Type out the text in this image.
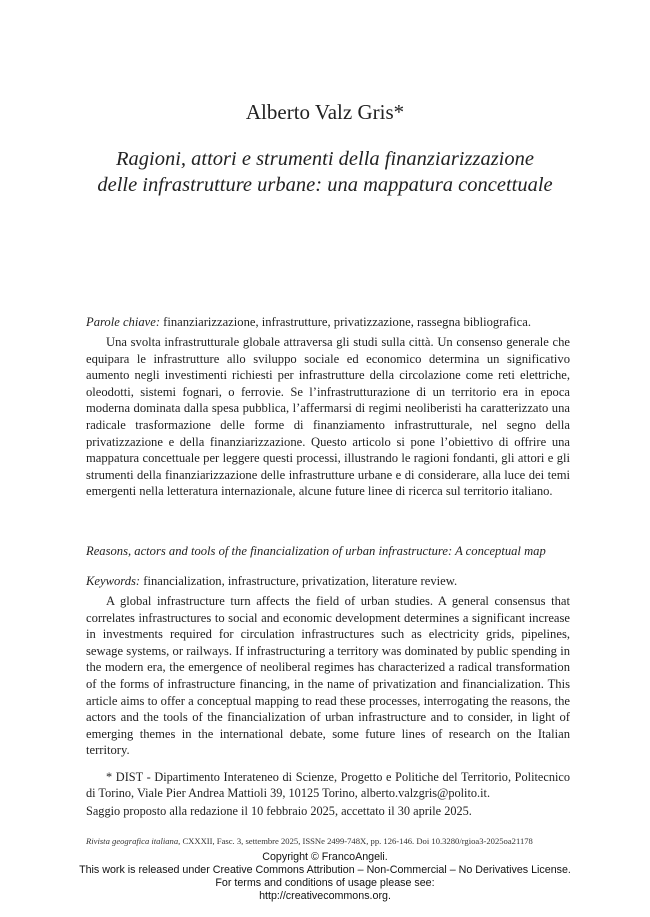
Alberto Valz Gris*
Ragioni, attori e strumenti della finanziarizzazione
delle infrastrutture urbane: una mappatura concettuale
Parole chiave: finanziarizzazione, infrastrutture, privatizzazione, rassegna bibliografica.
Una svolta infrastrutturale globale attraversa gli studi sulla città. Un consenso generale che equipara le infrastrutture allo sviluppo sociale ed economico determina un significativo aumento negli investimenti richiesti per infrastrutture della circolazione come reti elettriche, oleodotti, sistemi fognari, o ferrovie. Se l’infrastrutturazione di un territorio era in epoca moderna dominata dalla spesa pubblica, l’affermarsi di regimi neoliberisti ha caratterizzato una radicale trasformazione delle forme di finanziamento infrastrutturale, nel segno della privatizzazione e della finanziarizzazione. Questo articolo si pone l’obiettivo di offrire una mappatura concettuale per leggere questi processi, illustrando le ragioni fondanti, gli attori e gli strumenti della finanziarizzazione delle infrastrutture urbane e di considerare, alla luce dei temi emergenti nella letteratura internazionale, alcune future linee di ricerca sul territorio italiano.
Reasons, actors and tools of the financialization of urban infrastructure: A conceptual map
Keywords: financialization, infrastructure, privatization, literature review.
A global infrastructure turn affects the field of urban studies. A general consensus that correlates infrastructures to social and economic development determines a significant increase in investments required for circulation infrastructures such as electricity grids, pipelines, sewage systems, or railways. If infrastructuring a territory was dominated by public spending in the modern era, the emergence of neoliberal regimes has characterized a radical transformation of the forms of infrastructure financing, in the name of privatization and financialization. This article aims to offer a conceptual mapping to read these processes, interrogating the reasons, the actors and the tools of the financialization of urban infrastructure and to consider, in light of emerging themes in the international debate, some future lines of research on the Italian territory.
* DIST - Dipartimento Interateneo di Scienze, Progetto e Politiche del Territorio, Politecnico di Torino, Viale Pier Andrea Mattioli 39, 10125 Torino, alberto.valzgris@polito.it.
Saggio proposto alla redazione il 10 febbraio 2025, accettato il 30 aprile 2025.
Rivista geografica italiana, CXXXII, Fasc. 3, settembre 2025, ISSNe 2499-748X, pp. 126-146. Doi 10.3280/rgioa3-2025oa21178
Copyright © FrancoAngeli.
This work is released under Creative Commons Attribution – Non-Commercial – No Derivatives License.
For terms and conditions of usage please see:
http://creativecommons.org.
